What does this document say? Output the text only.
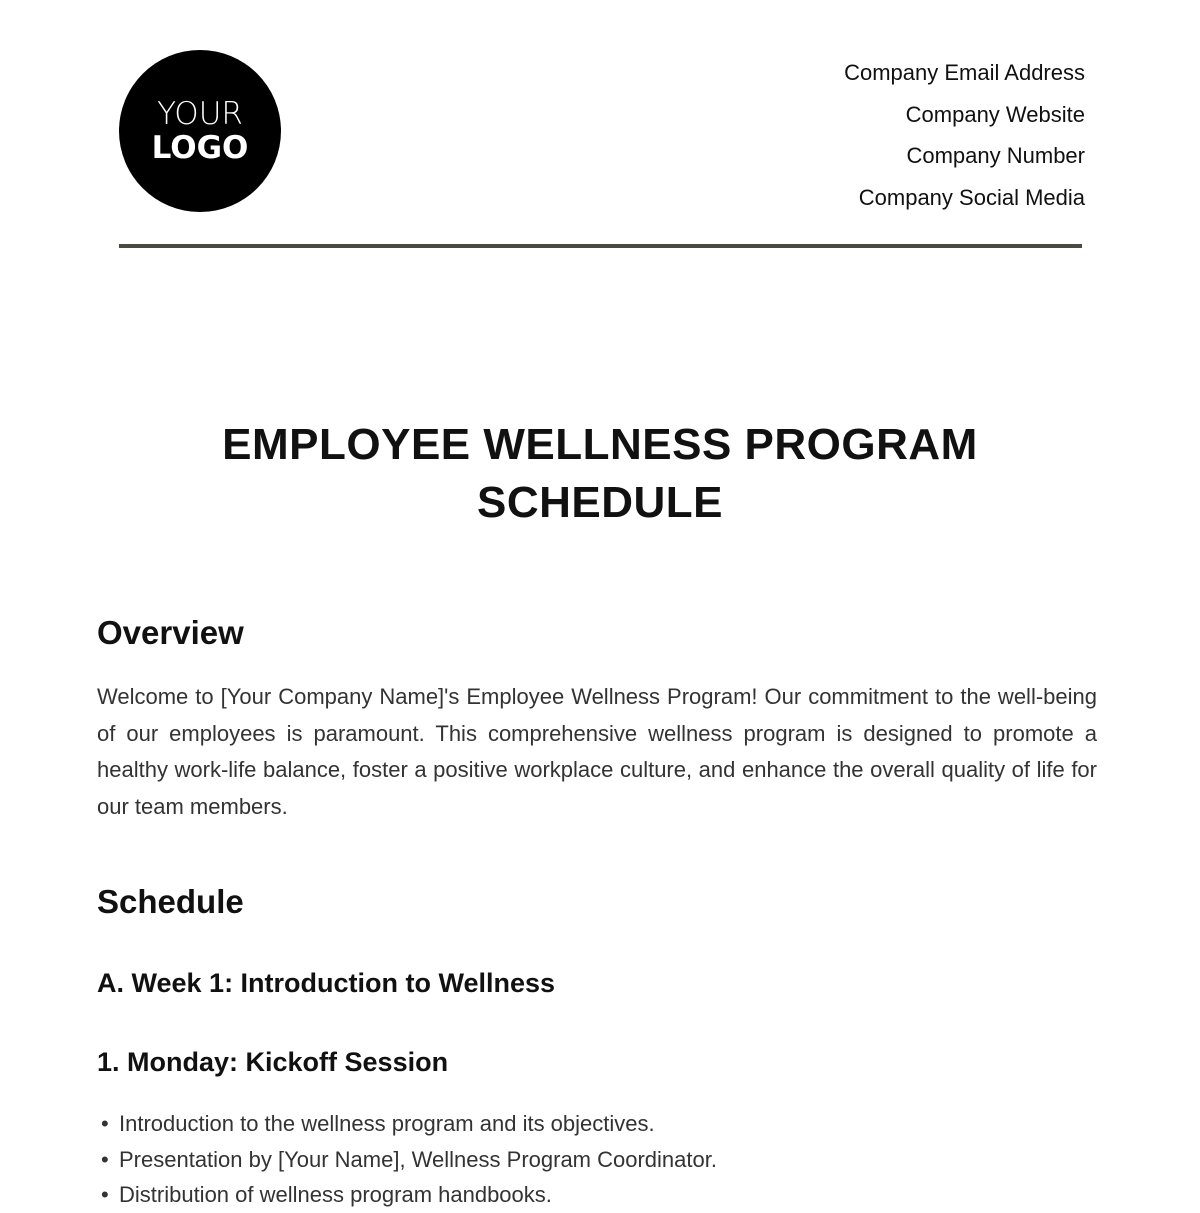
YOUR
LOGO
Company Email Address
Company Website
Company Number
Company Social Media
EMPLOYEE WELLNESS PROGRAM
SCHEDULE
Overview

Welcome to [Your Company Name]'s Employee Wellness Program! Our commitment to the well-being of our employees is paramount. This comprehensive wellness program is designed to promote a healthy work-life balance, foster a positive workplace culture, and enhance the overall quality of life for our team members.

Schedule
A. Week 1: Introduction to Wellness
1. Monday: Kickoff Session
• Introduction to the wellness program and its objectives.
• Presentation by [Your Name], Wellness Program Coordinator.
• Distribution of wellness program handbooks.
